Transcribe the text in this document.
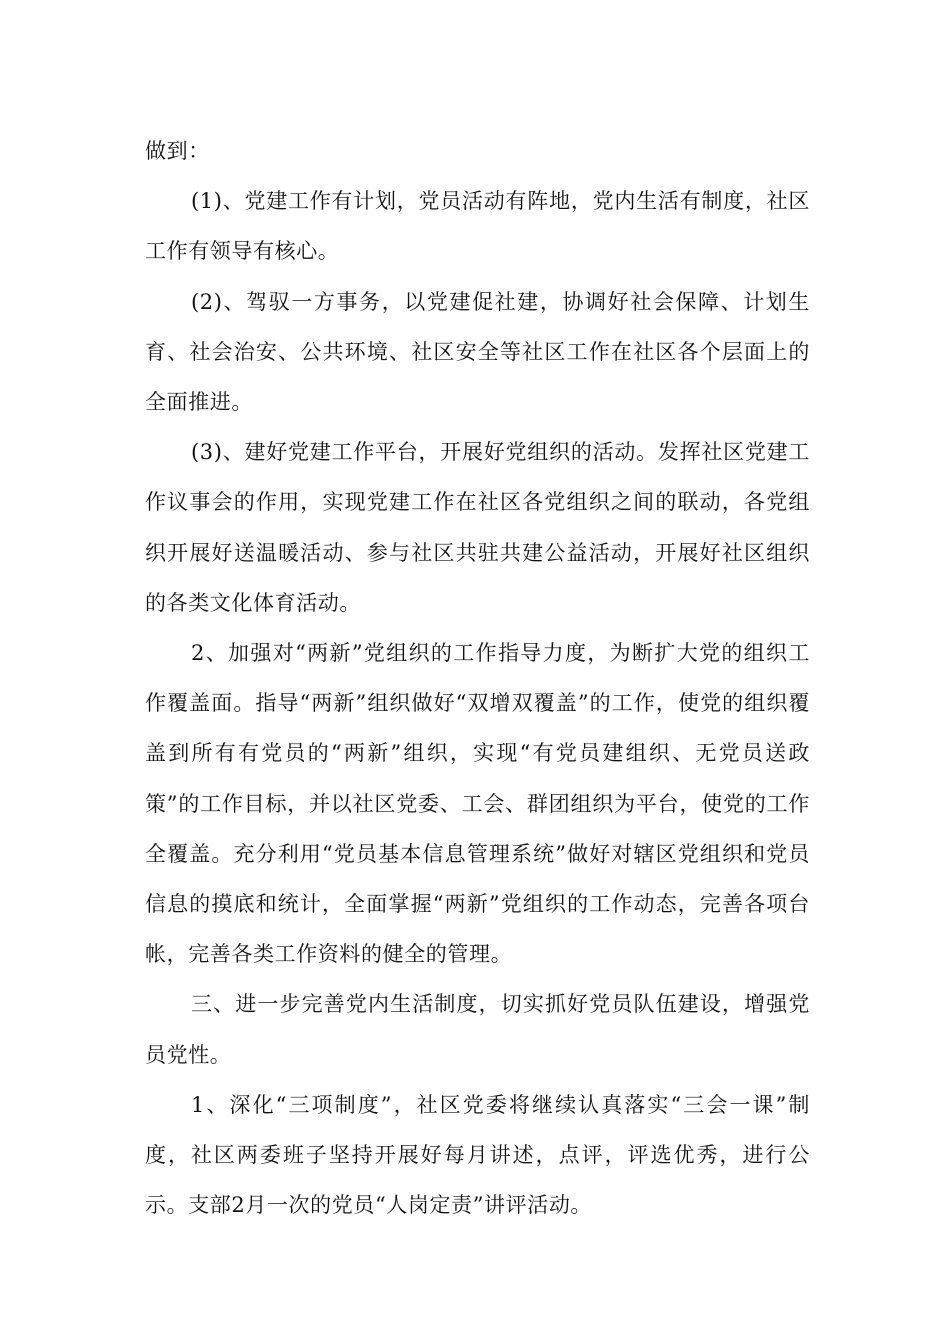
做到：

(1)、党建工作有计划，党员活动有阵地，党内生活有制度，社区工作有领导有核心。

(2)、驾驭一方事务，以党建促社建，协调好社会保障、计划生育、社会治安、公共环境、社区安全等社区工作在社区各个层面上的全面推进。

(3)、建好党建工作平台，开展好党组织的活动。发挥社区党建工作议事会的作用，实现党建工作在社区各党组织之间的联动，各党组织开展好送温暖活动、参与社区共驻共建公益活动，开展好社区组织的各类文化体育活动。

2、加强对“两新”党组织的工作指导力度，为断扩大党的组织工作覆盖面。指导“两新”组织做好“双增双覆盖”的工作，使党的组织覆盖到所有有党员的“两新”组织，实现“有党员建组织、无党员送政策”的工作目标，并以社区党委、工会、群团组织为平台，使党的工作全覆盖。充分利用“党员基本信息管理系统”做好对辖区党组织和党员信息的摸底和统计，全面掌握“两新”党组织的工作动态，完善各项台帐，完善各类工作资料的健全的管理。

三、进一步完善党内生活制度，切实抓好党员队伍建设，增强党员党性。

1、深化“三项制度”，社区党委将继续认真落实“三会一课”制度，社区两委班子坚持开展好每月讲述，点评，评选优秀，进行公示。支部2月一次的党员“人岗定责”讲评活动。
